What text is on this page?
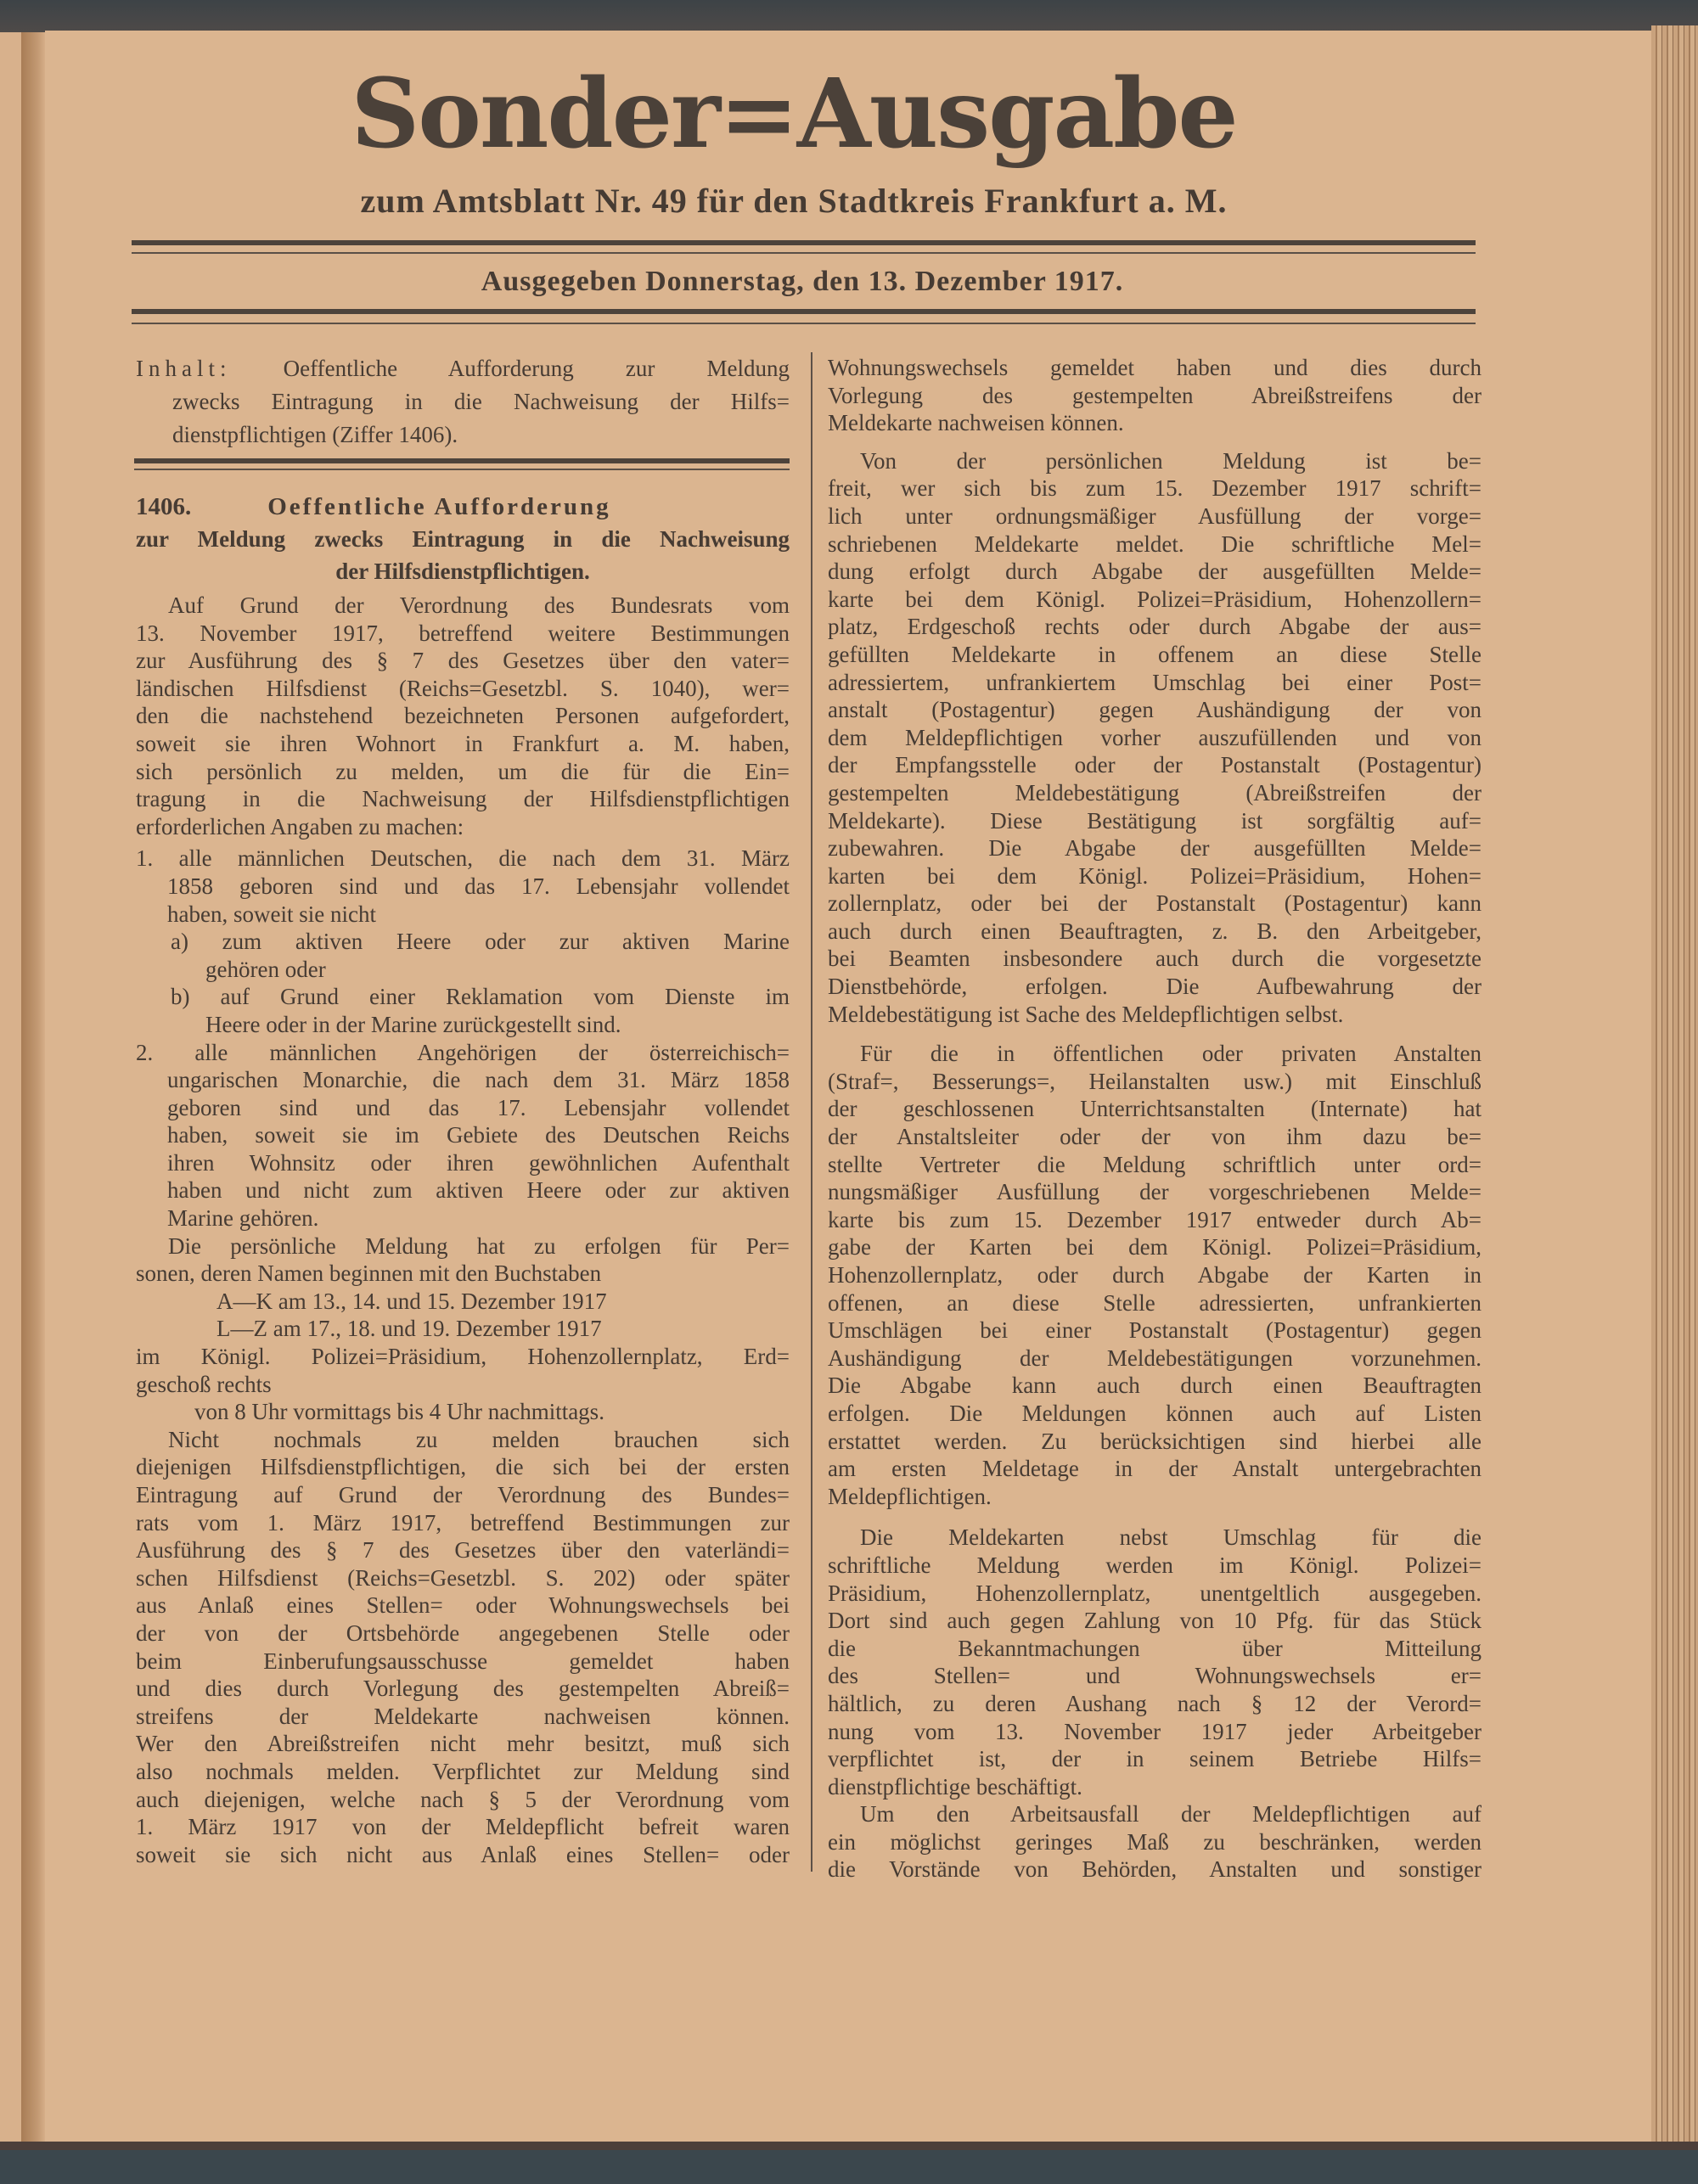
Sonder=Ausgabe
zum Amtsblatt Nr. 49 für den Stadtkreis Frankfurt a. M.
Ausgegeben Donnerstag, den 13. Dezember 1917.
Inhalt: Oeffentliche Aufforderung zur Meldung
zwecks Eintragung in die Nachweisung der Hilfs=
dienstpflichtigen (Ziffer 1406).
1406.	Oeffentliche Aufforderung
zur Meldung zwecks Eintragung in die Nachweisung
der Hilfsdienstpflichtigen.
Auf Grund der Verordnung des Bundesrats vom
13. November 1917, betreffend weitere Bestimmungen
zur Ausführung des § 7 des Gesetzes über den vater=
ländischen Hilfsdienst (Reichs=Gesetzbl. S. 1040), wer=
den die nachstehend bezeichneten Personen aufgefordert,
soweit sie ihren Wohnort in Frankfurt a. M. haben,
sich persönlich zu melden, um die für die Ein=
tragung in die Nachweisung der Hilfsdienstpflichtigen
erforderlichen Angaben zu machen:
1. alle männlichen Deutschen, die nach dem 31. März
1858 geboren sind und das 17. Lebensjahr vollendet
haben, soweit sie nicht
a) zum aktiven Heere oder zur aktiven Marine
gehören oder
b) auf Grund einer Reklamation vom Dienste im
Heere oder in der Marine zurückgestellt sind.
2. alle männlichen Angehörigen der österreichisch=
ungarischen Monarchie, die nach dem 31. März 1858
geboren sind und das 17. Lebensjahr vollendet
haben, soweit sie im Gebiete des Deutschen Reichs
ihren Wohnsitz oder ihren gewöhnlichen Aufenthalt
haben und nicht zum aktiven Heere oder zur aktiven
Marine gehören.
Die persönliche Meldung hat zu erfolgen für Per=
sonen, deren Namen beginnen mit den Buchstaben
A—K am 13., 14. und 15. Dezember 1917
L—Z am 17., 18. und 19. Dezember 1917
im Königl. Polizei=Präsidium, Hohenzollernplatz, Erd=
geschoß rechts
von 8 Uhr vormittags bis 4 Uhr nachmittags.
Nicht nochmals zu melden brauchen sich
diejenigen Hilfsdienstpflichtigen, die sich bei der ersten
Eintragung auf Grund der Verordnung des Bundes=
rats vom 1. März 1917, betreffend Bestimmungen zur
Ausführung des § 7 des Gesetzes über den vaterländi=
schen Hilfsdienst (Reichs=Gesetzbl. S. 202) oder später
aus Anlaß eines Stellen= oder Wohnungswechsels bei
der von der Ortsbehörde angegebenen Stelle oder
beim Einberufungsausschusse gemeldet haben
und dies durch Vorlegung des gestempelten Abreiß=
streifens der Meldekarte nachweisen können.
Wer den Abreißstreifen nicht mehr besitzt, muß sich
also nochmals melden. Verpflichtet zur Meldung sind
auch diejenigen, welche nach § 5 der Verordnung vom
1. März 1917 von der Meldepflicht befreit waren
soweit sie sich nicht aus Anlaß eines Stellen= oder
Wohnungswechsels gemeldet haben und dies durch
Vorlegung des gestempelten Abreißstreifens der
Meldekarte nachweisen können.
Von der persönlichen Meldung ist be=
freit, wer sich bis zum 15. Dezember 1917 schrift=
lich unter ordnungsmäßiger Ausfüllung der vorge=
schriebenen Meldekarte meldet. Die schriftliche Mel=
dung erfolgt durch Abgabe der ausgefüllten Melde=
karte bei dem Königl. Polizei=Präsidium, Hohenzollern=
platz, Erdgeschoß rechts oder durch Abgabe der aus=
gefüllten Meldekarte in offenem an diese Stelle
adressiertem, unfrankiertem Umschlag bei einer Post=
anstalt (Postagentur) gegen Aushändigung der von
dem Meldepflichtigen vorher auszufüllenden und von
der Empfangsstelle oder der Postanstalt (Postagentur)
gestempelten Meldebestätigung (Abreißstreifen der
Meldekarte). Diese Bestätigung ist sorgfältig auf=
zubewahren. Die Abgabe der ausgefüllten Melde=
karten bei dem Königl. Polizei=Präsidium, Hohen=
zollernplatz, oder bei der Postanstalt (Postagentur) kann
auch durch einen Beauftragten, z. B. den Arbeitgeber,
bei Beamten insbesondere auch durch die vorgesetzte
Dienstbehörde, erfolgen. Die Aufbewahrung der
Meldebestätigung ist Sache des Meldepflichtigen selbst.
Für die in öffentlichen oder privaten Anstalten
(Straf=, Besserungs=, Heilanstalten usw.) mit Einschluß
der geschlossenen Unterrichtsanstalten (Internate) hat
der Anstaltsleiter oder der von ihm dazu be=
stellte Vertreter die Meldung schriftlich unter ord=
nungsmäßiger Ausfüllung der vorgeschriebenen Melde=
karte bis zum 15. Dezember 1917 entweder durch Ab=
gabe der Karten bei dem Königl. Polizei=Präsidium,
Hohenzollernplatz, oder durch Abgabe der Karten in
offenen, an diese Stelle adressierten, unfrankierten
Umschlägen bei einer Postanstalt (Postagentur) gegen
Aushändigung der Meldebestätigungen vorzunehmen.
Die Abgabe kann auch durch einen Beauftragten
erfolgen. Die Meldungen können auch auf Listen
erstattet werden. Zu berücksichtigen sind hierbei alle
am ersten Meldetage in der Anstalt untergebrachten
Meldepflichtigen.
Die Meldekarten nebst Umschlag für die
schriftliche Meldung werden im Königl. Polizei=
Präsidium, Hohenzollernplatz, unentgeltlich ausgegeben.
Dort sind auch gegen Zahlung von 10 Pfg. für das Stück
die Bekanntmachungen über Mitteilung
des Stellen= und Wohnungswechsels er=
hältlich, zu deren Aushang nach § 12 der Verord=
nung vom 13. November 1917 jeder Arbeitgeber
verpflichtet ist, der in seinem Betriebe Hilfs=
dienstpflichtige beschäftigt.
Um den Arbeitsausfall der Meldepflichtigen auf
ein möglichst geringes Maß zu beschränken, werden
die Vorstände von Behörden, Anstalten und sonstiger
